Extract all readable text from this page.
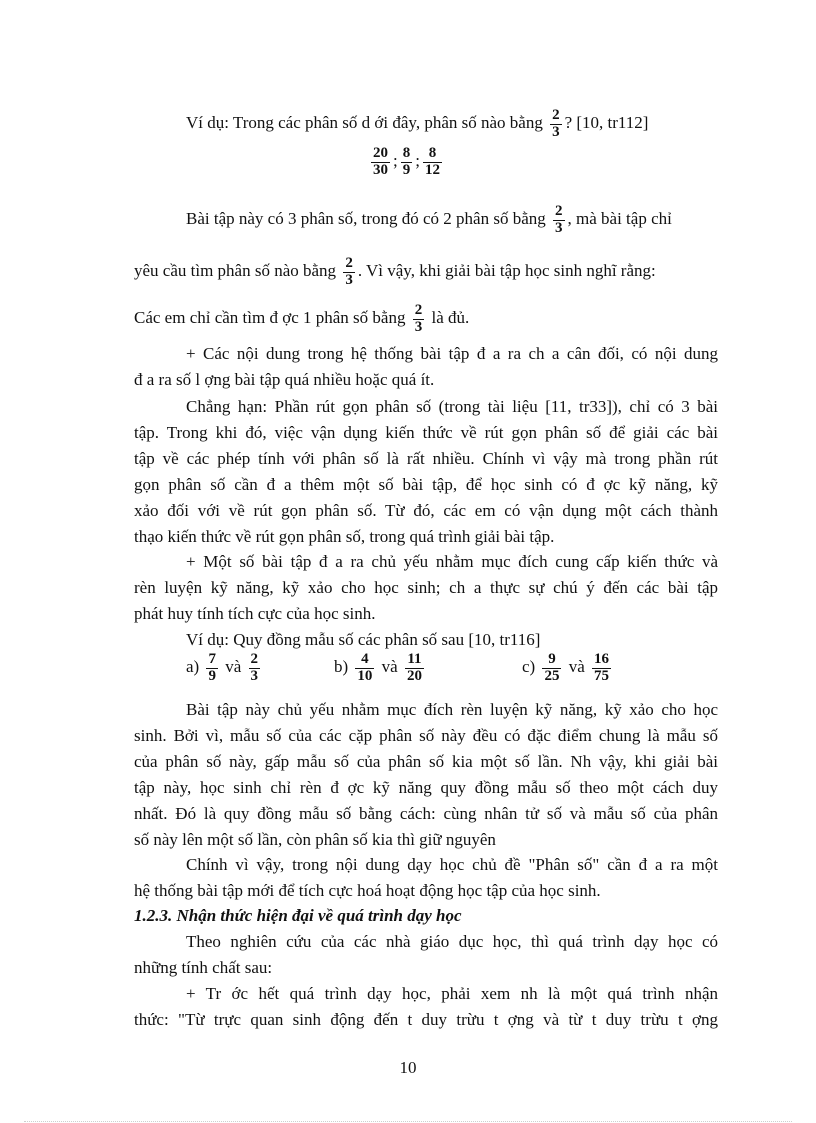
Ví dụ: Trong các phân số d ới đây, phân số nào bằng $\frac{2}{3}$ ? [10, tr112]
$\frac{20}{30}$ ; $\frac{8}{9}$ ; $\frac{8}{12}$
Bài tập này có 3 phân số, trong đó có 2 phân số bằng $\frac{2}{3}$ , mà bài tập chỉ
yêu cầu tìm phân số nào bằng $\frac{2}{3}$ . Vì vậy, khi giải bài tập học sinh nghĩ rằng:
Các em chỉ cần tìm đ ợc 1 phân số bằng $\frac{2}{3}$ là đủ.
+ Các nội dung trong hệ thống bài tập đ a ra ch a cân đối, có nội dung
đ a ra số l ợng bài tập quá nhiều hoặc quá ít.
Chẳng hạn: Phần rút gọn phân số (trong tài liệu [11, tr33]), chỉ có 3 bài
tập. Trong khi đó, việc vận dụng kiến thức về rút gọn phân số để giải các bài
tập về các phép tính với phân số là rất nhiều. Chính vì vậy mà trong phần rút
gọn phân số cần đ a thêm một số bài tập, để học sinh có đ ợc kỹ năng, kỹ
xảo đối với về rút gọn phân số. Từ đó, các em có vận dụng một cách thành
thạo kiến thức về rút gọn phân số, trong quá trình giải bài tập.
+ Một số bài tập đ a ra chủ yếu nhằm mục đích cung cấp kiến thức và
rèn luyện kỹ năng, kỹ xảo cho học sinh; ch a thực sự chú ý đến các bài tập
phát huy tính tích cực của học sinh.
Ví dụ: Quy đồng mẫu số các phân số sau [10, tr116]
$a) \frac{7}{9}$ và $\frac{2}{3}$	$b) \frac{4}{10}$ và $\frac{11}{20}$	$c) \frac{9}{25}$ và $\frac{16}{75}$
Bài tập này chủ yếu nhằm mục đích rèn luyện kỹ năng, kỹ xảo cho học
sinh. Bởi vì, mẫu số của các cặp phân số này đều có đặc điểm chung là mẫu số
của phân số này, gấp mẫu số của phân số kia một số lần. Nh vậy, khi giải bài
tập này, học sinh chỉ rèn đ ợc kỹ năng quy đồng mẫu số theo một cách duy
nhất. Đó là quy đồng mẫu số bằng cách: cùng nhân tử số và mẫu số của phân
số này lên một số lần, còn phân số kia thì giữ nguyên
Chính vì vậy, trong nội dung dạy học chủ đề "Phân số" cần đ a ra một
hệ thống bài tập mới để tích cực hoá hoạt động học tập của học sinh.
1.2.3. Nhận thức hiện đại về quá trình dạy học
Theo nghiên cứu của các nhà giáo dục học, thì quá trình dạy học có
những tính chất sau:
+ Tr ớc hết quá trình dạy học, phải xem nh là một quá trình nhận
thức: "Từ trực quan sinh động đến t duy trừu t ợng và từ t duy trừu t ợng
10
